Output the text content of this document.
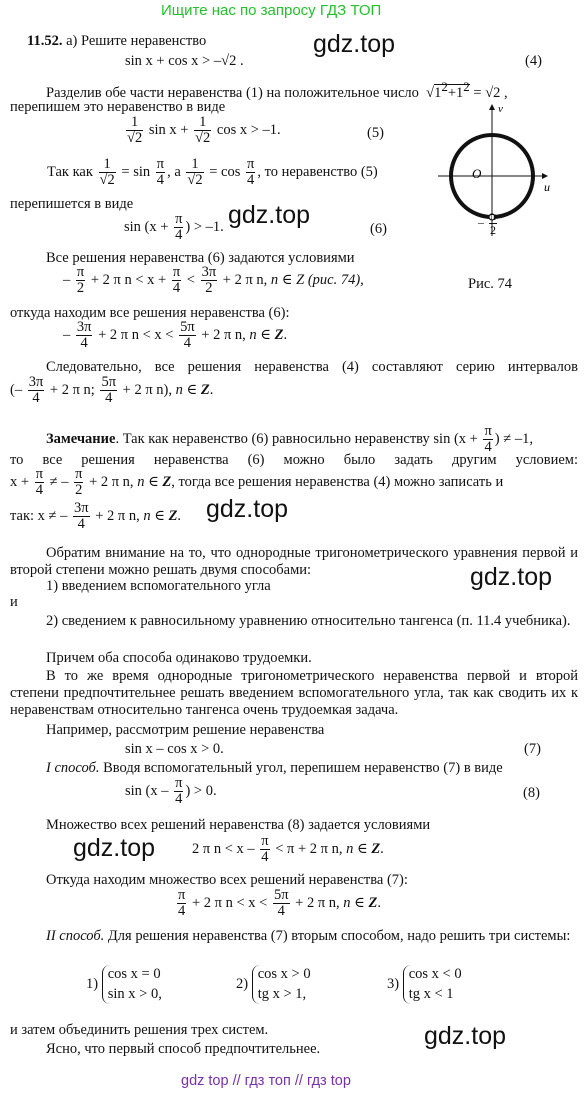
Ищите нас по запросу ГДЗ ТОП
gdz.top
gdz.top
gdz.top
gdz.top
gdz.top
gdz.top
11.52. а) Решите неравенство
sin x + cos x > –√2 .	(4)
Разделив обе части неравенства (1) на положительное число  $√1^2+1^2 = √2$ ,
перепишем это неравенство в виде
$\frac{1}{√2}$ $\sin x + \frac{1}{√2}$ cos x > –1.	(5)
Так как $\frac{1}{√2} = \sin \frac{\pi}{4}$ , а $\frac{1}{√2} = \cos \frac{\pi}{4}$ , то неравенство (5)
перепишется в виде
$\sin (x + \frac{\pi}{4}$ ) > –1.	(6)
v
u
O
– $\frac{\pi}{2}$
Рис. 74
Все решения неравенства (6) задаются условиями
– $\frac{\pi}{2} + 2$ π $n < x + \frac{\pi}{4} < \frac{3\pi}{2} + 2$ π n, n ∈ Z (рис. 74),
откуда находим все решения неравенства (6):
– $\frac{3\pi}{4} + 2$ π $n < x < \frac{5\pi}{4} + 2$ π n, n ∈ Z.
Следовательно, все решения неравенства (4) составляют серию интервалов
(– $\frac{3\pi}{4} + 2$ π n; $\frac{5\pi}{4} + 2$ π n), n ∈ Z.
Замечание. Так как неравенство (6) равносильно неравенству $\sin (x + \frac{\pi}{4}$ ) ≠ –1,
то все решения неравенства (6) можно было задать другим условием:
$x + \frac{\pi}{4}$ ≠ – $\frac{\pi}{2} + 2$ π n, n ∈ Z, тогда все решения неравенства (4) можно записать и
так: x ≠ – $\frac{3\pi}{4} + 2$ π n, n ∈ Z.
Обратим внимание на то, что однородные тригонометрического уравнения первой и второй степени можно решать двумя способами:
1) введением вспомогательного угла
и
2) сведением к равносильному уравнению относительно тангенса (п. 11.4 учебника).
Причем оба способа одинаково трудоемки.
В то же время однородные тригонометрического неравенства первой и второй степени предпочтительнее решать введением вспомогательного угла, так как сводить их к неравенствам относительно тангенса очень трудоемкая задача.
Например, рассмотрим решение неравенства
sin x – cos x > 0.	(7)
I способ. Вводя вспомогательный угол, перепишем неравенство (7) в виде
$\sin (x - \frac{\pi}{4}$ ) > 0.	(8)
Множество всех решений неравенства (8) задается условиями
2 π $n < x - \frac{\pi}{4} < \pi + 2$ π n, n ∈ Z.
Откуда находим множество всех решений неравенства (7):
$\frac{\pi}{4} + 2$ π $n < x < \frac{5\pi}{4} + 2$ π n, n ∈ Z.
II способ. Для решения неравенства (7) вторым способом, надо решить три системы:
1) cos x = 0
sin x > 0,
2) cos x > 0
tg x > 1,
3) cos x < 0
tg x < 1
и затем объединить решения трех систем.
Ясно, что первый способ предпочтительнее.
gdz top // гдз топ // гдз top
